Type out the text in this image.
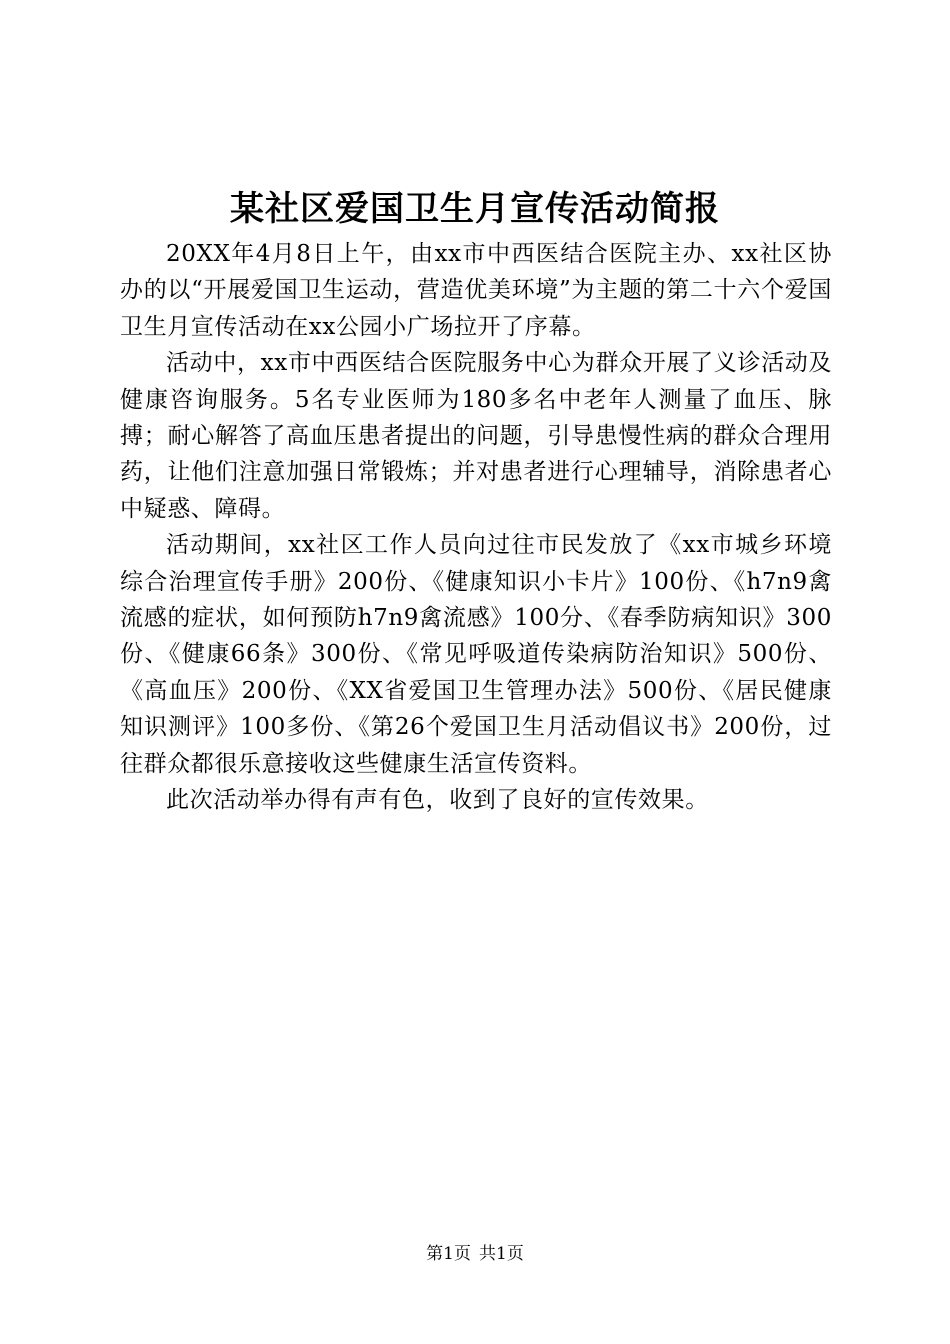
某社区爱国卫生月宣传活动简报

20XX年4月8日上午，由xx市中西医结合医院主办、xx社区协办的以“开展爱国卫生运动，营造优美环境”为主题的第二十六个爱国卫生月宣传活动在xx公园小广场拉开了序幕。

活动中，xx市中西医结合医院服务中心为群众开展了义诊活动及健康咨询服务。5名专业医师为180多名中老年人测量了血压、脉搏；耐心解答了高血压患者提出的问题，引导患慢性病的群众合理用药，让他们注意加强日常锻炼；并对患者进行心理辅导，消除患者心中疑惑、障碍。

活动期间，xx社区工作人员向过往市民发放了《xx市城乡环境综合治理宣传手册》200份、《健康知识小卡片》100份、《h7n9禽流感的症状，如何预防h7n9禽流感》100分、《春季防病知识》300份、《健康66条》300份、《常见呼吸道传染病防治知识》500份、《高血压》200份、《XX省爱国卫生管理办法》500份、《居民健康知识测评》100多份、《第26个爱国卫生月活动倡议书》200份，过往群众都很乐意接收这些健康生活宣传资料。

此次活动举办得有声有色，收到了良好的宣传效果。

第1页 共1页
